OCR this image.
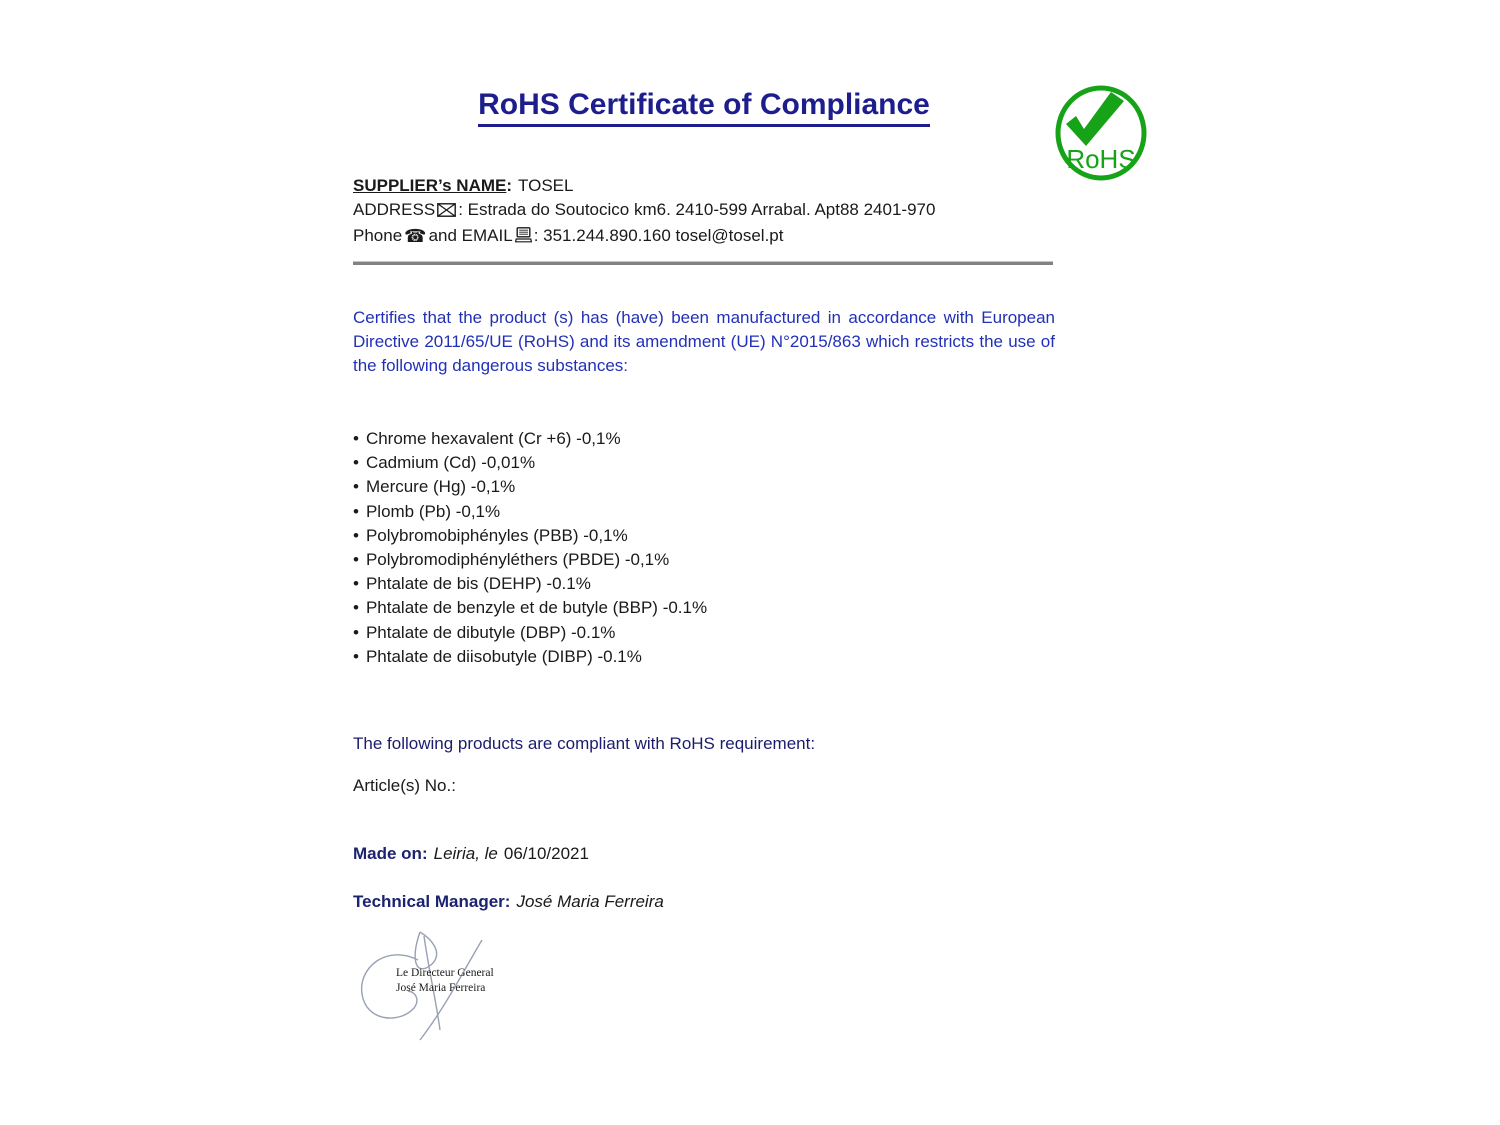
RoHS Certificate of Compliance
RoHS
SUPPLIER’s NAME: TOSEL
ADDRESS : Estrada do Soutocico km6. 2410-599 Arrabal. Apt88 2401-970
Phone ☎ and EMAIL : 351.244.890.160 tosel@tosel.pt
Certifies that the product (s) has (have) been manufactured in accordance with European Directive 2011/65/UE (RoHS) and its amendment (UE) N°2015/863 which restricts the use of the following dangerous substances:
• Chrome hexavalent (Cr +6) -0,1%
• Cadmium (Cd) -0,01%
• Mercure (Hg) -0,1%
• Plomb (Pb) -0,1%
• Polybromobiphényles (PBB) -0,1%
• Polybromodiphényléthers (PBDE) -0,1%
• Phtalate de bis (DEHP) -0.1%
• Phtalate de benzyle et de butyle (BBP) -0.1%
• Phtalate de dibutyle (DBP) -0.1%
• Phtalate de diisobutyle (DIBP) -0.1%
The following products are compliant with RoHS requirement:
Article(s) No.:
Made on: Leiria, le 06/10/2021
Technical Manager: José Maria Ferreira
Le Directeur General
José Maria Ferreira
